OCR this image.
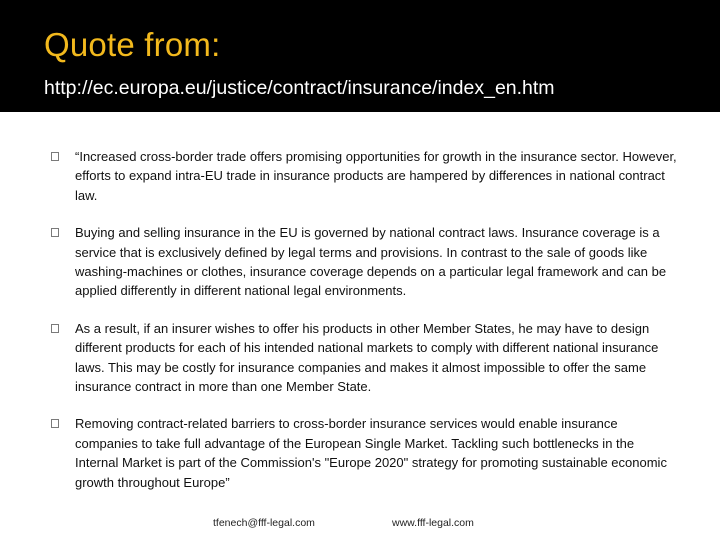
Quote from:
http://ec.europa.eu/justice/contract/insurance/index_en.htm
“Increased cross-border trade offers promising opportunities for growth in the insurance sector. However, efforts to expand intra-EU trade in insurance products are hampered by differences in national contract law.
Buying and selling insurance in the EU is governed by national contract laws. Insurance coverage is a service that is exclusively defined by legal terms and provisions. In contrast to the sale of goods like washing-machines or clothes, insurance coverage depends on a particular legal framework and can be applied differently in different national legal environments.
As a result, if an insurer wishes to offer his products in other Member States, he may have to design different products for each of his intended national markets to comply with different national insurance laws. This may be costly for insurance companies and makes it almost impossible to offer the same insurance contract in more than one Member State.
Removing contract-related barriers to cross-border insurance services would enable insurance companies to take full advantage of the European Single Market. Tackling such bottlenecks in the Internal Market is part of the Commission's "Europe 2020" strategy for promoting sustainable economic growth throughout Europe”
tfenech@fff-legal.com	www.fff-legal.com
